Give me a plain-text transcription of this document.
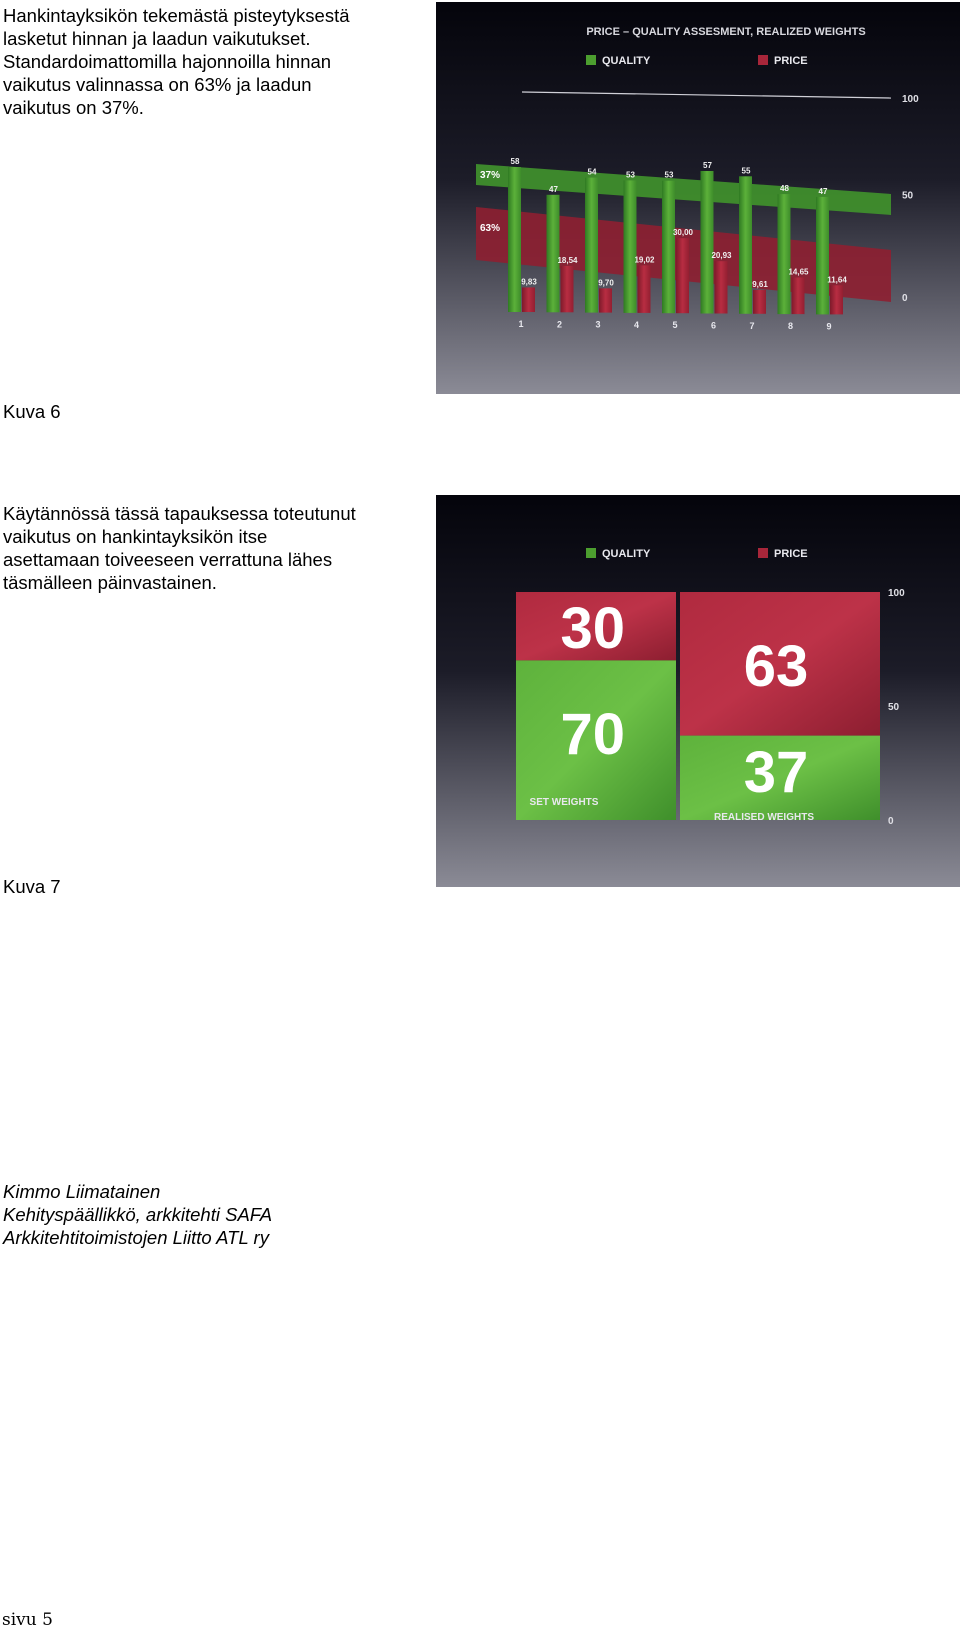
Hankintayksikön tekemästä pisteytyksestä
lasketut hinnan ja laadun vaikutukset.
Standardoimattomilla hajonnoilla hinnan
vaikutus valinnassa on 63% ja laadun
vaikutus on 37%.

PRICE – QUALITY ASSESMENT, REALIZED WEIGHTS
QUALITY	PRICE
0
50
100
37%
63%
58
9,83
1
47
18,54
2
54
9,70
3
53
19,02
4
53
30,00
5
57
20,93
6
55
9,61
7
48
14,65
8
47
11,64
9

Kuva 6

Käytännössä tässä tapauksessa toteutunut
vaikutus on hankintayksikön itse
asettamaan toiveeseen verrattuna lähes
täsmälleen päinvastainen.

QUALITY	PRICE
0
50
100
30
70
SET WEIGHTS
63
37
REALISED WEIGHTS

Kuva 7

Kimmo Liimatainen
Kehityspäällikkö, arkkitehti SAFA
Arkkitehtitoimistojen Liitto ATL ry
sivu 5
